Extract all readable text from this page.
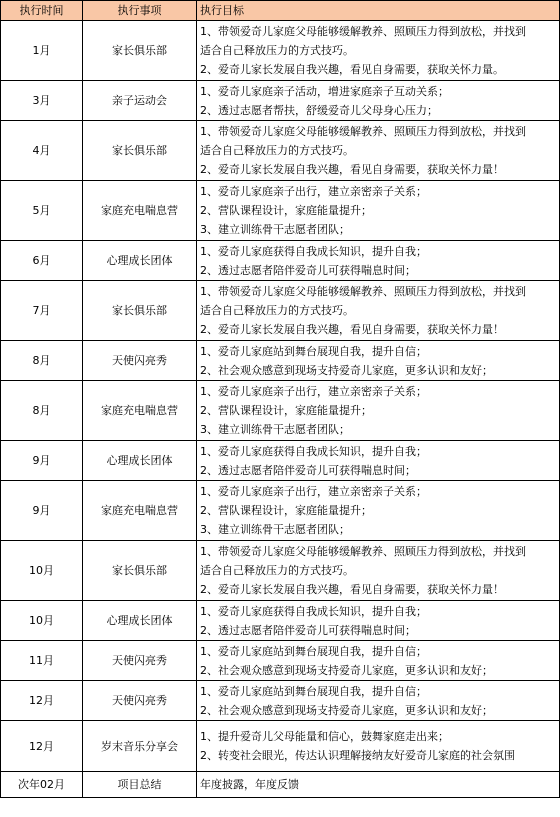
执行时间	执行事项	执行目标
1月	家长俱乐部	1、带领爱奇儿家庭父母能够缓解教养、照顾压力得到放松，并找到
适合自己释放压力的方式技巧。
2、爱奇儿家长发展自我兴趣，看见自身需要，获取关怀力量。

3月	亲子运动会	1、爱奇儿家庭亲子活动，增进家庭亲子互动关系；
2、透过志愿者帮扶，舒缓爱奇儿父母身心压力；

4月	家长俱乐部	1、带领爱奇儿家庭父母能够缓解教养、照顾压力得到放松，并找到
适合自己释放压力的方式技巧。
2、爱奇儿家长发展自我兴趣，看见自身需要，获取关怀力量！

5月	家庭充电喘息营	1、爱奇儿家庭亲子出行，建立亲密亲子关系；
2、营队课程设计，家庭能量提升；
3、建立训练骨干志愿者团队；

6月	心理成长团体	1、爱奇儿家庭获得自我成长知识，提升自我；
2、透过志愿者陪伴爱奇儿可获得喘息时间；

7月	家长俱乐部	1、带领爱奇儿家庭父母能够缓解教养、照顾压力得到放松，并找到
适合自己释放压力的方式技巧。
2、爱奇儿家长发展自我兴趣，看见自身需要，获取关怀力量！

8月	天使闪亮秀	1、爱奇儿家庭站到舞台展现自我，提升自信；
2、社会观众感意到现场支持爱奇儿家庭，更多认识和友好；

8月	家庭充电喘息营	1、爱奇儿家庭亲子出行，建立亲密亲子关系；
2、营队课程设计，家庭能量提升；
3、建立训练骨干志愿者团队；

9月	心理成长团体	1、爱奇儿家庭获得自我成长知识，提升自我；
2、透过志愿者陪伴爱奇儿可获得喘息时间；

9月	家庭充电喘息营	1、爱奇儿家庭亲子出行，建立亲密亲子关系；
2、营队课程设计，家庭能量提升；
3、建立训练骨干志愿者团队；

10月	家长俱乐部	1、带领爱奇儿家庭父母能够缓解教养、照顾压力得到放松，并找到
适合自己释放压力的方式技巧。
2、爱奇儿家长发展自我兴趣，看见自身需要，获取关怀力量！

10月	心理成长团体	1、爱奇儿家庭获得自我成长知识，提升自我；
2、透过志愿者陪伴爱奇儿可获得喘息时间；

11月	天使闪亮秀	1、爱奇儿家庭站到舞台展现自我，提升自信；
2、社会观众感意到现场支持爱奇儿家庭，更多认识和友好；

12月	天使闪亮秀	1、爱奇儿家庭站到舞台展现自我，提升自信；
2、社会观众感意到现场支持爱奇儿家庭，更多认识和友好；

12月	岁末音乐分享会	1、提升爱奇儿父母能量和信心，鼓舞家庭走出来；
2、转变社会眼光，传达认识理解接纳友好爱奇儿家庭的社会氛围

次年02月	项目总结	年度披露，年度反馈
